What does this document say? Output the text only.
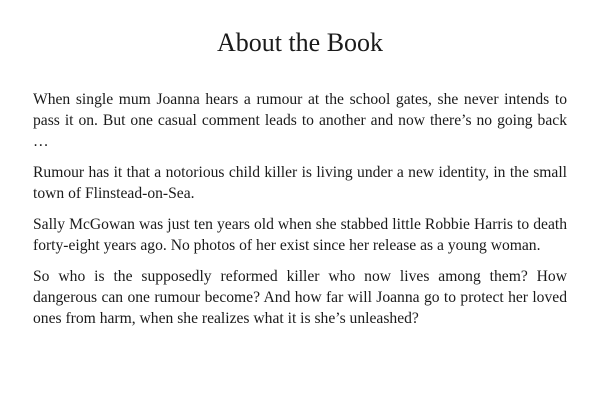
About the Book

When single mum Joanna hears a rumour at the school gates, she never intends to pass it on. But one casual comment leads to another and now there’s no going back …

Rumour has it that a notorious child killer is living under a new identity, in the small town of Flinstead-on-Sea.

Sally McGowan was just ten years old when she stabbed little Robbie Harris to death forty-eight years ago. No photos of her exist since her release as a young woman.

So who is the supposedly reformed killer who now lives among them? How dangerous can one rumour become? And how far will Joanna go to protect her loved ones from harm, when she realizes what it is she’s unleashed?
